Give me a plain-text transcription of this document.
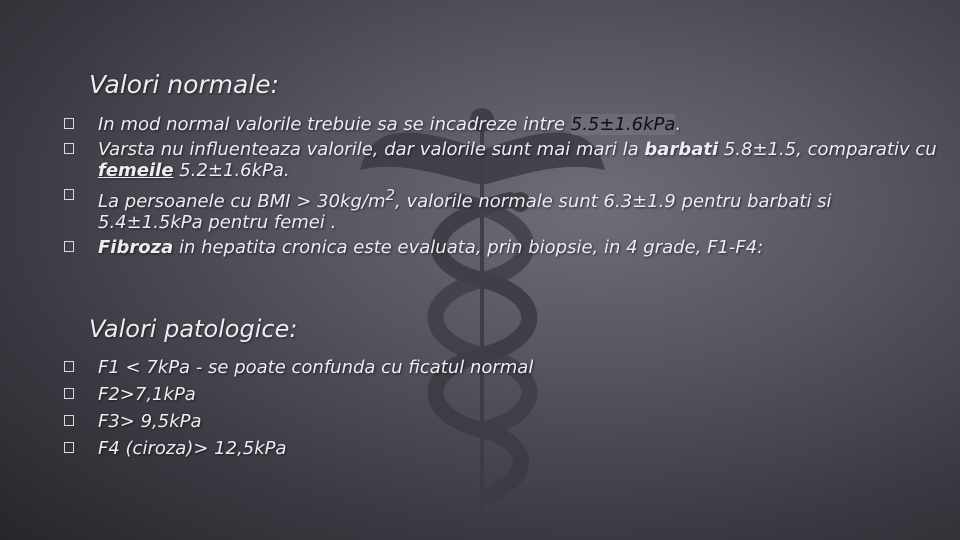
Valori normale:
In mod normal valorile trebuie sa se incadreze intre 5.5±1.6kPa.
Varsta nu influenteaza valorile, dar valorile sunt mai mari la barbati 5.8±1.5, comparativ cu femeile 5.2±1.6kPa.
La persoanele cu BMI > $30kg/m^2$, valorile normale sunt 6.3±1.9 pentru barbati si 5.4±1.5kPa pentru femei .
Fibroza in hepatita cronica este evaluata, prin biopsie, in 4 grade, F1-F4:
Valori patologice:
F1 < 7kPa - se poate confunda cu ficatul normal
F2>7,1kPa
F3> 9,5kPa
F4 (ciroza)> 12,5kPa
